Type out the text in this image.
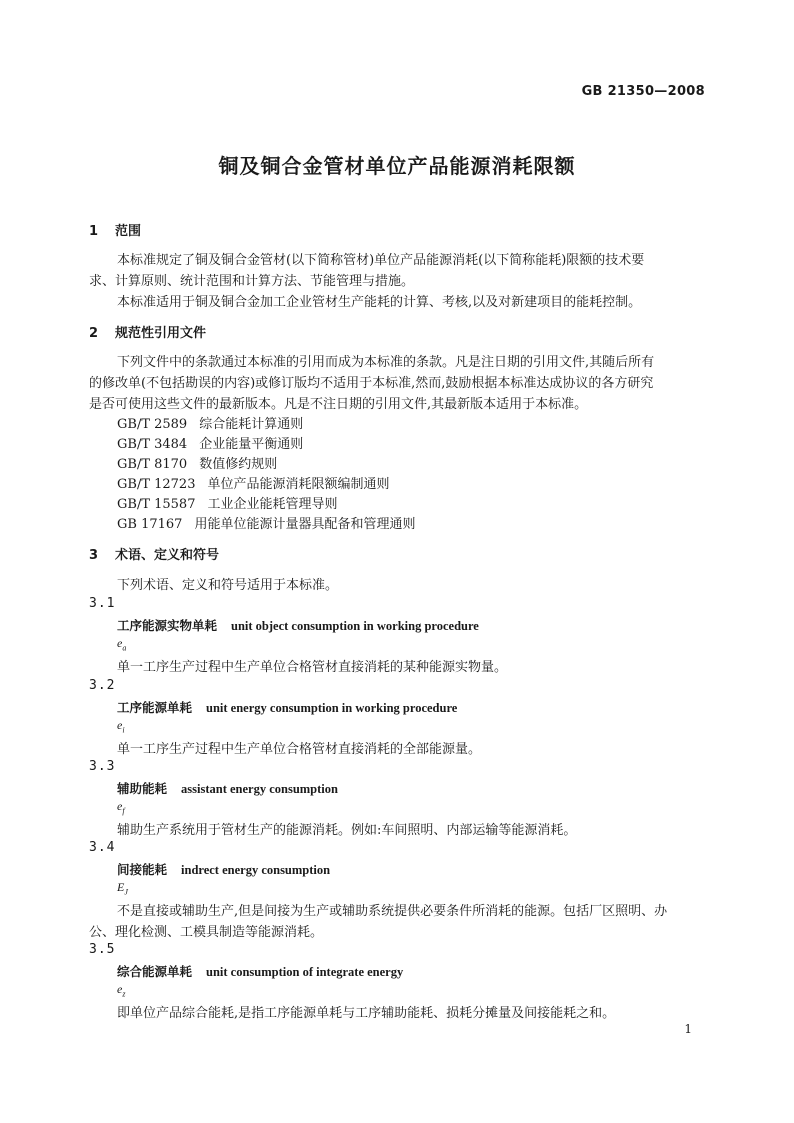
GB 21350—2008
铜及铜合金管材单位产品能源消耗限额
1 范围
本标准规定了铜及铜合金管材(以下简称管材)单位产品能源消耗(以下简称能耗)限额的技术要
求、计算原则、统计范围和计算方法、节能管理与措施。
本标准适用于铜及铜合金加工企业管材生产能耗的计算、考核,以及对新建项目的能耗控制。
2 规范性引用文件
下列文件中的条款通过本标准的引用而成为本标准的条款。凡是注日期的引用文件,其随后所有
的修改单(不包括勘误的内容)或修订版均不适用于本标准,然而,鼓励根据本标准达成协议的各方研究
是否可使用这些文件的最新版本。凡是不注日期的引用文件,其最新版本适用于本标准。
GB/T 2589 综合能耗计算通则
GB/T 3484 企业能量平衡通则
GB/T 8170 数值修约规则
GB/T 12723 单位产品能源消耗限额编制通则
GB/T 15587 工业企业能耗管理导则
GB 17167 用能单位能源计量器具配备和管理通则
3 术语、定义和符号
下列术语、定义和符号适用于本标准。
3.1
工序能源实物单耗 unit object consumption in working procedure
$e_a$
单一工序生产过程中生产单位合格管材直接消耗的某种能源实物量。
3.2
工序能源单耗 unit energy consumption in working procedure
$e_i$
单一工序生产过程中生产单位合格管材直接消耗的全部能源量。
3.3
辅助能耗 assistant energy consumption
$e_f$
辅助生产系统用于管材生产的能源消耗。例如:车间照明、内部运输等能源消耗。
3.4
间接能耗 indrect energy consumption
$E_J$
不是直接或辅助生产,但是间接为生产或辅助系统提供必要条件所消耗的能源。包括厂区照明、办
公、理化检测、工模具制造等能源消耗。
3.5
综合能源单耗 unit consumption of integrate energy
$e_z$
即单位产品综合能耗,是指工序能源单耗与工序辅助能耗、损耗分摊量及间接能耗之和。
1
